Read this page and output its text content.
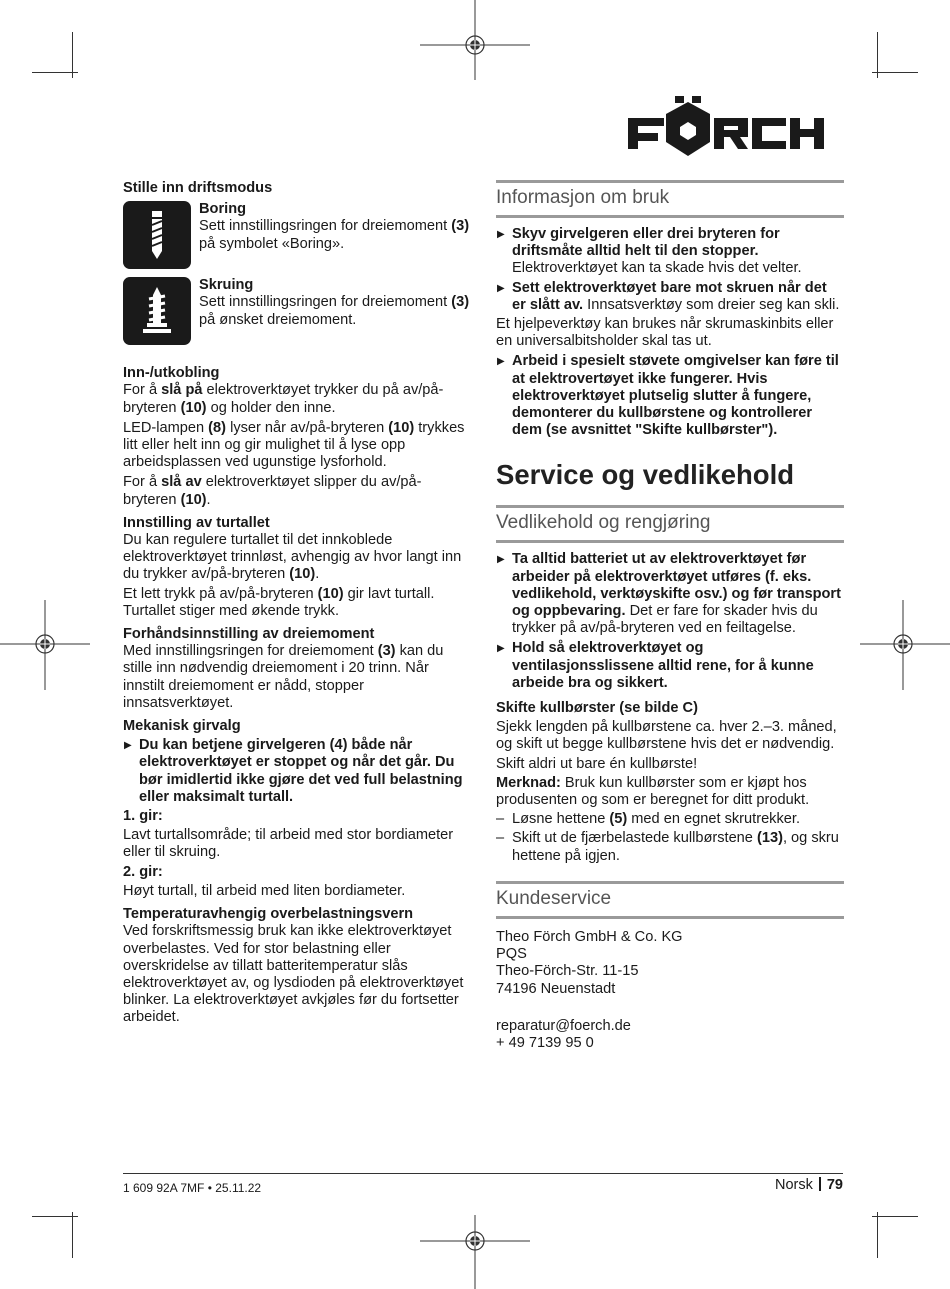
Stille inn driftsmodus

Boring

Sett innstillingsringen for dreiemoment (3) på symbolet «Boring».

Skruing

Sett innstillingsringen for dreiemoment (3) på ønsket dreiemoment.

Inn-/utkobling

For å slå på elektroverktøyet trykker du på av/på-bryteren (10) og holder den inne.

LED-lampen (8) lyser når av/på-bryteren (10) trykkes litt eller helt inn og gir mulighet til å lyse opp arbeidsplassen ved ugunstige lysforhold.

For å slå av elektroverktøyet slipper du av/på-bryteren (10).

Innstilling av turtallet

Du kan regulere turtallet til det innkoblede elektroverktøyet trinnløst, avhengig av hvor langt inn du trykker av/på-bryteren (10).

Et lett trykk på av/på-bryteren (10) gir lavt turtall. Turtallet stiger med økende trykk.

Forhåndsinnstilling av dreiemoment

Med innstillingsringen for dreiemoment (3) kan du stille inn nødvendig dreiemoment i 20 trinn. Når innstilt dreiemoment er nådd, stopper innsatsverktøyet.

Mekanisk girvalg

▶ Du kan betjene girvelgeren (4) både når elektroverktøyet er stoppet og når det går. Du bør imidlertid ikke gjøre det ved full belastning eller maksimalt turtall.

1. gir:

Lavt turtallsområde; til arbeid med stor bordiameter eller til skruing.

2. gir:

Høyt turtall, til arbeid med liten bordiameter.

Temperaturavhengig overbelastningsvern

Ved forskriftsmessig bruk kan ikke elektroverktøyet overbelastes. Ved for stor belastning eller overskridelse av tillatt batteritemperatur slås elektroverktøyet av, og lysdioden på elektroverktøyet blinker. La elektroverktøyet avkjøles før du fortsetter arbeidet.

Informasjon om bruk

▶ Skyv girvelgeren eller drei bryteren for driftsmåte alltid helt til den stopper. Elektroverktøyet kan ta skade hvis det velter.

▶ Sett elektroverktøyet bare mot skruen når det er slått av. Innsatsverktøy som dreier seg kan skli.

Et hjelpeverktøy kan brukes når skrumaskinbits eller en universalbitsholder skal tas ut.

▶ Arbeid i spesielt støvete omgivelser kan føre til at elektrovertøyet ikke fungerer. Hvis elektroverktøyet plutselig slutter å fungere, demonterer du kullbørstene og kontrollerer dem (se avsnittet "Skifte kullbørster").

Service og vedlikehold

Vedlikehold og rengjøring

▶ Ta alltid batteriet ut av elektroverktøyet før arbeider på elektroverktøyet utføres (f. eks. vedlikehold, verktøyskifte osv.) og før transport og oppbevaring. Det er fare for skader hvis du trykker på av/på-bryteren ved en feiltagelse.

▶ Hold så elektroverktøyet og ventilasjonsslissene alltid rene, for å kunne arbeide bra og sikkert.

Skifte kullbørster (se bilde C)

Sjekk lengden på kullbørstene ca. hver 2.–3. måned, og skift ut begge kullbørstene hvis det er nødvendig.

Skift aldri ut bare én kullbørste!

Merknad: Bruk kun kullbørster som er kjøpt hos produsenten og som er beregnet for ditt produkt.

– Løsne hettene (5) med en egnet skrutrekker.

– Skift ut de fjærbelastede kullbørstene (13), og skru hettene på igjen.

Kundeservice

Theo Förch GmbH & Co. KG

PQS

Theo-Förch-Str. 11-15

74196 Neuenstadt

reparatur@foerch.de

+ 49 7139 95 0

1 609 92A 7MF • 25.11.22	Norsk 79
